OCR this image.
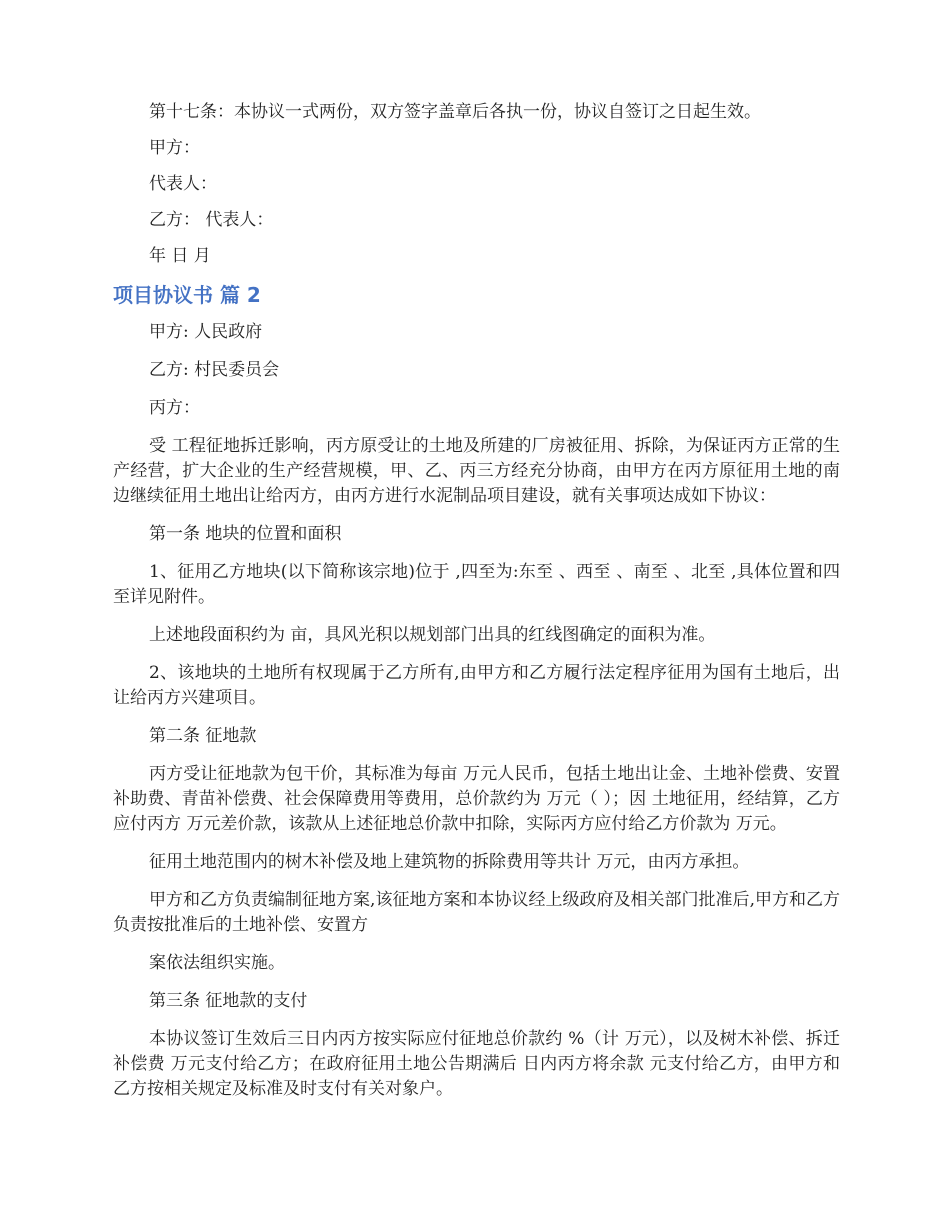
第十七条：本协议一式两份，双方签字盖章后各执一份，协议自签订之日起生效。

甲方：

代表人：

乙方： 代表人：

年 日 月

项目协议书 篇 2

甲方: 人民政府

乙方: 村民委员会

丙方：

受 工程征地拆迁影响，丙方原受让的土地及所建的厂房被征用、拆除，为保证丙方正常的生产经营，扩大企业的生产经营规模，甲、乙、丙三方经充分协商，由甲方在丙方原征用土地的南边继续征用土地出让给丙方，由丙方进行水泥制品项目建设，就有关事项达成如下协议：

第一条 地块的位置和面积

1、征用乙方地块(以下简称该宗地)位于 ,四至为:东至 、西至 、南至 、北至 ,具体位置和四至详见附件。

上述地段面积约为 亩，具风光积以规划部门出具的红线图确定的面积为准。

2、该地块的土地所有权现属于乙方所有,由甲方和乙方履行法定程序征用为国有土地后，出让给丙方兴建项目。

第二条 征地款

丙方受让征地款为包干价，其标准为每亩 万元人民币，包括土地出让金、土地补偿费、安置补助费、青苗补偿费、社会保障费用等费用，总价款约为 万元（ ）；因 土地征用，经结算，乙方应付丙方 万元差价款，该款从上述征地总价款中扣除，实际丙方应付给乙方价款为 万元。

征用土地范围内的树木补偿及地上建筑物的拆除费用等共计 万元，由丙方承担。

甲方和乙方负责编制征地方案,该征地方案和本协议经上级政府及相关部门批准后,甲方和乙方负责按批准后的土地补偿、安置方

案依法组织实施。

第三条 征地款的支付

本协议签订生效后三日内丙方按实际应付征地总价款约 %（计 万元），以及树木补偿、拆迁补偿费 万元支付给乙方；在政府征用土地公告期满后 日内丙方将余款 元支付给乙方，由甲方和乙方按相关规定及标准及时支付有关对象户。
